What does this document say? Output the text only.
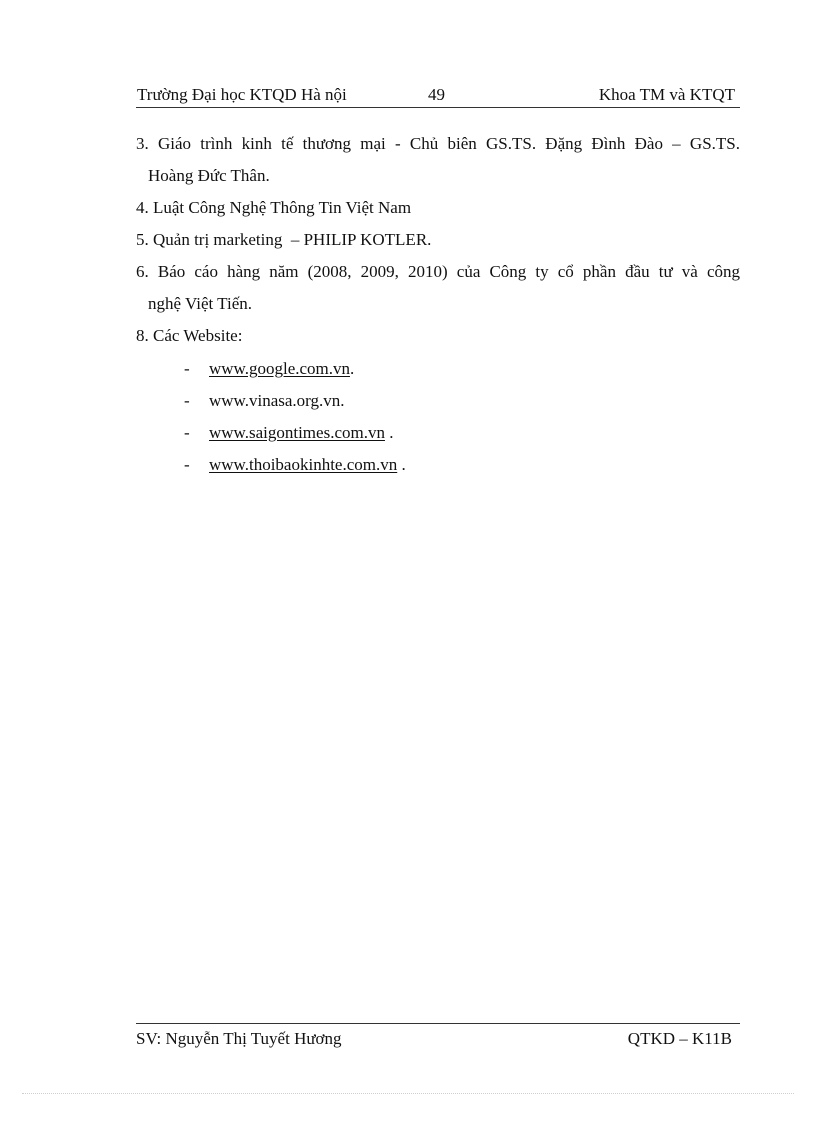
Trường Đại học KTQD Hà nội	49	Khoa TM và KTQT
3. Giáo trình kinh tế thương mại - Chủ biên GS.TS. Đặng Đình Đào – GS.TS.
Hoàng Đức Thân.
4. Luật Công Nghệ Thông Tin Việt Nam
5. Quản trị marketing  – PHILIP KOTLER.
6. Báo cáo hàng năm (2008, 2009, 2010) của Công ty cổ phần đầu tư và công
nghệ Việt Tiến.
8. Các Website:
- www.google.com.vn.
- www.vinasa.org.vn.
- www.saigontimes.com.vn .
- www.thoibaokinhte.com.vn .
SV: Nguyễn Thị Tuyết Hương	QTKD – K11B
